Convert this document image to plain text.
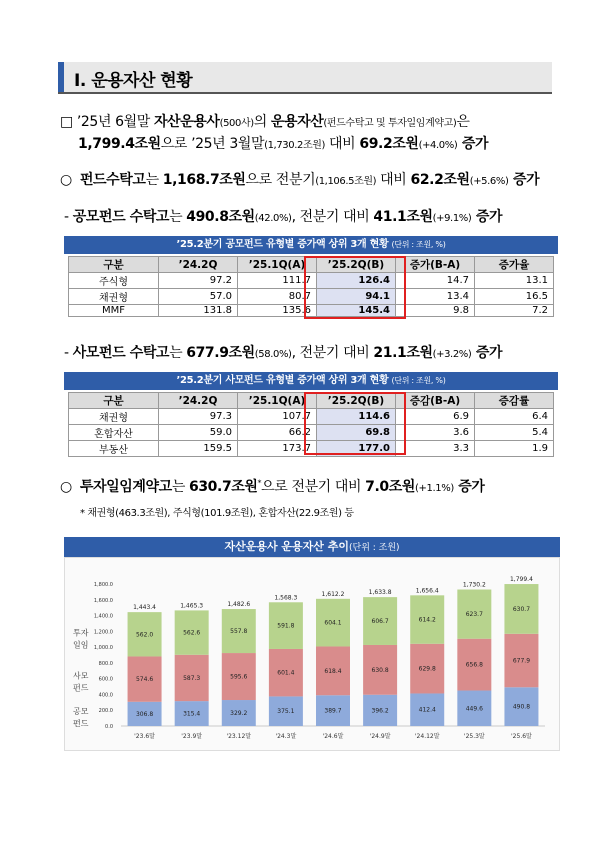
Ⅰ. 운용자산 현황
□ ’25년 6월말 자산운용사(500사)의 운용자산(펀드수탁고 및 투자일임계약고)은
1,799.4조원으로 ’25년 3월말(1,730.2조원) 대비 69.2조원(+4.0%) 증가
○ 펀드수탁고는 1,168.7조원으로 전분기(1,106.5조원) 대비 62.2조원(+5.6%) 증가
- 공모펀드 수탁고는 490.8조원(42.0%), 전분기 대비 41.1조원(+9.1%) 증가
’25.2분기 공모펀드 유형별 증가액 상위 3개 현황 (단위 : 조원, %)
구분	’24.2Q	’25.1Q(A)	’25.2Q(B)	증가(B-A)	증가율
주식형	97.2	111.7	126.4	14.7	13.1
채권형	57.0	80.7	94.1	13.4	16.5
MMF	131.8	135.6	145.4	9.8	7.2
- 사모펀드 수탁고는 677.9조원(58.0%), 전분기 대비 21.1조원(+3.2%) 증가
’25.2분기 사모펀드 유형별 증가액 상위 3개 현황 (단위 : 조원, %)
구분	’24.2Q	’25.1Q(A)	’25.2Q(B)	증감(B-A)	증감률
채권형	97.3	107.7	114.6	6.9	6.4
혼합자산	59.0	66.2	69.8	3.6	5.4
부동산	159.5	173.7	177.0	3.3	1.9
○ 투자일임계약고는 630.7조원*으로 전분기 대비 7.0조원(+1.1%) 증가
* 채권형(463.3조원), 주식형(101.9조원), 혼합자산(22.9조원) 등
자산운용사 운용자산 추이(단위 : 조원)
0.0
200.0
400.0
600.0
800.0
1,000.0
1,200.0
1,400.0
1,600.0
1,800.0
투자
일임
사모
펀드
공모
펀드
306.8
574.6
562.0
1,443.4
'23.6말
315.4
587.3
562.6
1,465.3
'23.9말
329.2
595.6
557.8
1,482.6
'23.12말
375.1
601.4
591.8
1,568.3
'24.3말
389.7
618.4
604.1
1,612.2
'24.6말
396.2
630.8
606.7
1,633.8
'24.9말
412.4
629.8
614.2
1,656.4
'24.12말
449.6
656.8
623.7
1,730.2
'25.3말
490.8
677.9
630.7
1,799.4
'25.6말
